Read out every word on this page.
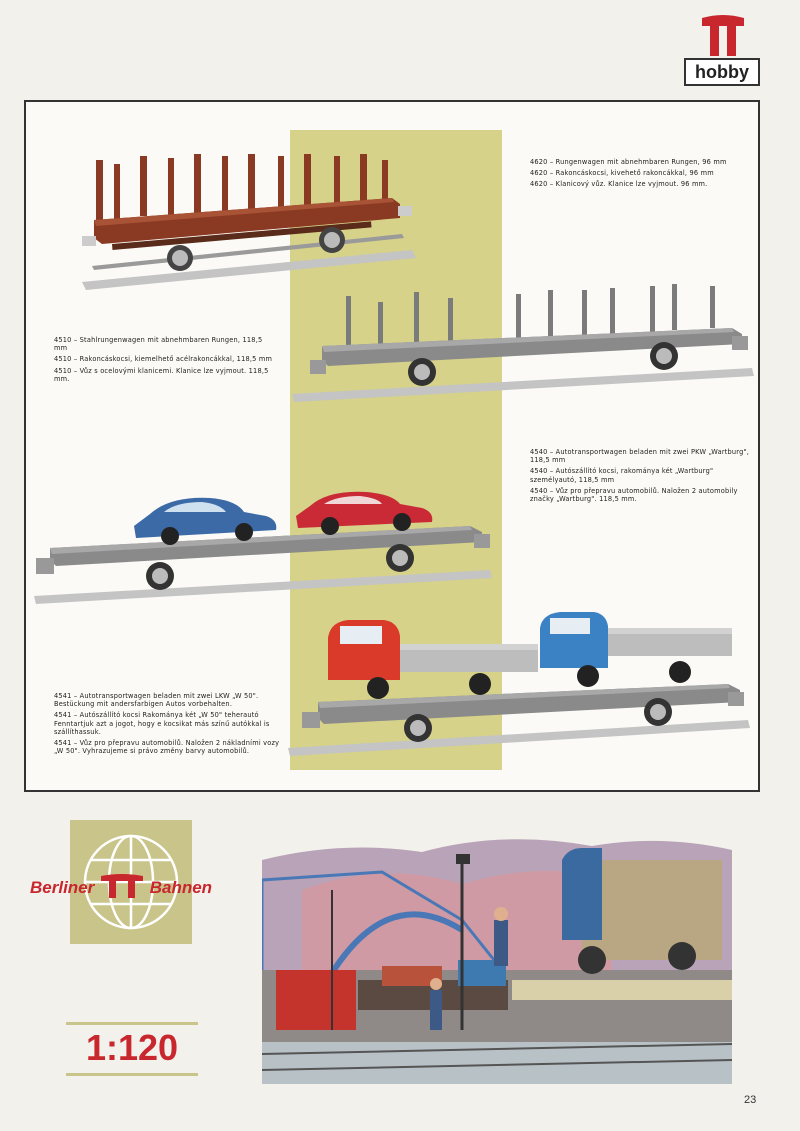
hobby

4620 – Rungenwagen mit abnehmbaren Rungen, 96 mm

4620 – Rakoncáskocsi, kivehető rakoncákkal, 96 mm

4620 – Klanicový vůz. Klanice lze vyjmout. 96 mm.

4510 – Stahlrungenwagen mit abnehmbaren Rungen, 118,5 mm

4510 – Rakoncáskocsi, kiemelhető acélrakoncákkal, 118,5 mm

4510 – Vůz s ocelovými klanicemi. Klanice lze vyjmout. 118,5 mm.

4540 – Autotransportwagen beladen mit zwei PKW „Wartburg", 118,5 mm

4540 – Autószállító kocsi, rakománya két „Wartburg" személyautó, 118,5 mm

4540 – Vůz pro přepravu automobilů. Naložen 2 automobily značky „Wartburg". 118,5 mm.

4541 – Autotransportwagen beladen mit zwei LKW „W 50". Bestückung mit andersfarbigen Autos vorbehalten.

4541 – Autószállító kocsi Rakománya két „W 50" teherautó Fenntartjuk azt a jogot, hogy e kocsikat más színű autókkal is szállíthassuk.

4541 – Vůz pro přepravu automobilů. Naložen 2 nákladními vozy „W 50". Vyhrazujeme si právo změny barvy automobilů.

Berliner	Bahnen
1:120
23
